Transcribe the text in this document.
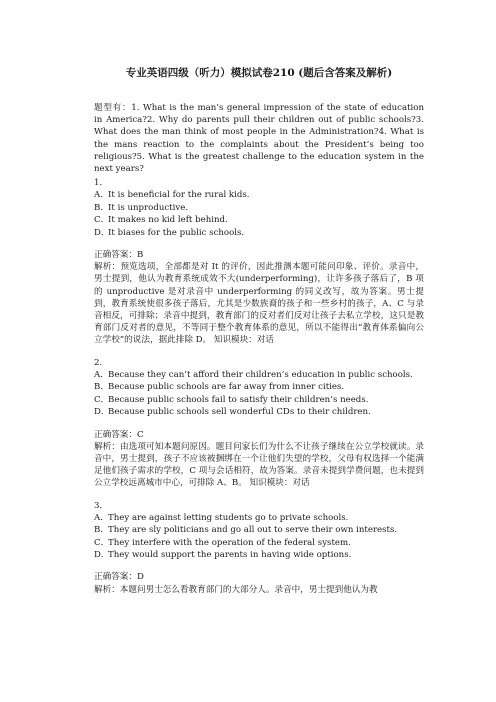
专业英语四级（听力）模拟试卷210 (题后含答案及解析)

题型有：1. What is the man’s general impression of the state of education in America?2. Why do parents pull their children out of public schools?3. What does the man think of most people in the Administration?4. What is the mans reaction to the complaints about the President’s being too religious?5. What is the greatest challenge to the education system in the next years?

1．

A．It is beneficial for the rural kids.

B．It is unproductive.

C．It makes no kid left behind.

D．It biases for the public schools.

正确答案：B

解析：预览选项，全部都是对 It 的评价，因此推测本题可能问印象、评价。录音中，男士提到，他认为教育系统成效不大(underperforming)，让许多孩子落后了，B 项的 unproductive 是对录音中 underperforming 的同义改写，故为答案。男士提到，教育系统使很多孩子落后，尤其是少数族裔的孩子和一些乡村的孩子，A、C 与录音相反，可排除；录音中提到，教育部门的反对者们反对让孩子去私立学校，这只是教育部门反对者的意见，不等同于整个教育体系的意见，所以不能得出“教育体系偏向公立学校”的说法，据此排除 D。 知识模块：对话

2．

A．Because they can’t afford their children’s education in public schools.

B．Because public schools are far away from inner cities.

C．Because public schools fail to satisfy their children’s needs.

D．Because public schools sell wonderful CDs to their children.

正确答案：C

解析：由选项可知本题问原因。题目问家长们为什么不让孩子继续在公立学校就读。录音中，男士提到，孩子不应该被捆绑在一个让他们失望的学校，父母有权选择一个能满足他们孩子需求的学校，C 项与会话相符，故为答案。录音未提到学费问题，也未提到公立学校远离城市中心，可排除 A、B。 知识模块：对话

3．

A．They are against letting students go to private schools.

B．They are sly politicians and go all out to serve their own interests.

C．They interfere with the operation of the federal system.

D．They would support the parents in having wide options.

正确答案：D

解析：本题问男士怎么看教育部门的大部分人。录音中，男士提到他认为教
